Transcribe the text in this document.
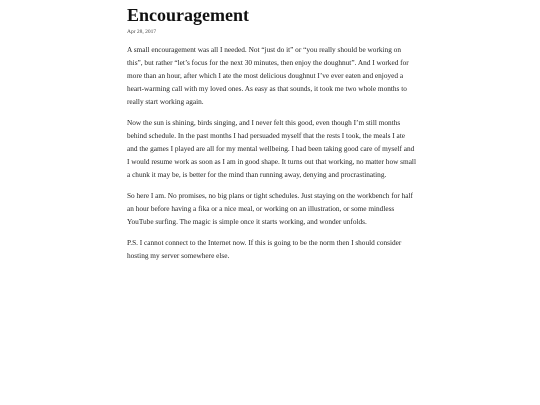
Encouragement
Apr 28, 2017

A small encouragement was all I needed. Not “just do it” or “you really should be working on this”, but rather “let’s focus for the next 30 minutes, then enjoy the doughnut”. And I worked for more than an hour, after which I ate the most delicious doughnut I’ve ever eaten and enjoyed a heart-warming call with my loved ones. As easy as that sounds, it took me two whole months to really start working again.

Now the sun is shining, birds singing, and I never felt this good, even though I’m still months behind schedule. In the past months I had persuaded myself that the rests I took, the meals I ate and the games I played are all for my mental wellbeing. I had been taking good care of myself and I would resume work as soon as I am in good shape. It turns out that working, no matter how small a chunk it may be, is better for the mind than running away, denying and procrastinating.

So here I am. No promises, no big plans or tight schedules. Just staying on the workbench for half an hour before having a fika or a nice meal, or working on an illustration, or some mindless YouTube surfing. The magic is simple once it starts working, and wonder unfolds.

P.S. I cannot connect to the Internet now. If this is going to be the norm then I should consider hosting my server somewhere else.
